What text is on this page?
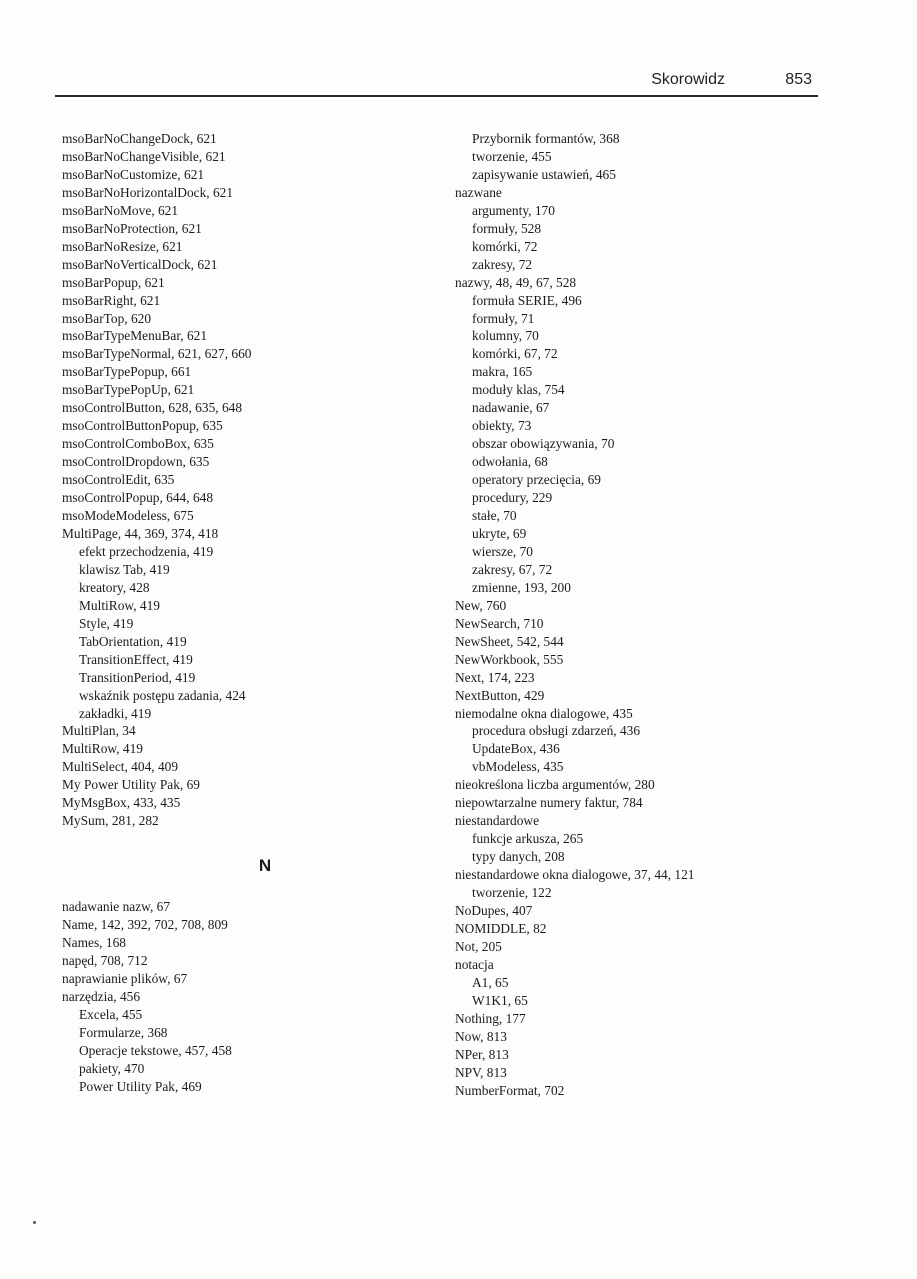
Skorowidz	853
msoBarNoChangeDock, 621
msoBarNoChangeVisible, 621
msoBarNoCustomize, 621
msoBarNoHorizontalDock, 621
msoBarNoMove, 621
msoBarNoProtection, 621
msoBarNoResize, 621
msoBarNoVerticalDock, 621
msoBarPopup, 621
msoBarRight, 621
msoBarTop, 620
msoBarTypeMenuBar, 621
msoBarTypeNormal, 621, 627, 660
msoBarTypePopup, 661
msoBarTypePopUp, 621
msoControlButton, 628, 635, 648
msoControlButtonPopup, 635
msoControlComboBox, 635
msoControlDropdown, 635
msoControlEdit, 635
msoControlPopup, 644, 648
msoModeModeless, 675
MultiPage, 44, 369, 374, 418
efekt przechodzenia, 419
klawisz Tab, 419
kreatory, 428
MultiRow, 419
Style, 419
TabOrientation, 419
TransitionEffect, 419
TransitionPeriod, 419
wskaźnik postępu zadania, 424
zakładki, 419
MultiPlan, 34
MultiRow, 419
MultiSelect, 404, 409
My Power Utility Pak, 69
MyMsgBox, 433, 435
MySum, 281, 282
N
nadawanie nazw, 67
Name, 142, 392, 702, 708, 809
Names, 168
napęd, 708, 712
naprawianie plików, 67
narzędzia, 456
Excela, 455
Formularze, 368
Operacje tekstowe, 457, 458
pakiety, 470
Power Utility Pak, 469
Przybornik formantów, 368
tworzenie, 455
zapisywanie ustawień, 465
nazwane
argumenty, 170
formuły, 528
komórki, 72
zakresy, 72
nazwy, 48, 49, 67, 528
formuła SERIE, 496
formuły, 71
kolumny, 70
komórki, 67, 72
makra, 165
moduły klas, 754
nadawanie, 67
obiekty, 73
obszar obowiązywania, 70
odwołania, 68
operatory przecięcia, 69
procedury, 229
stałe, 70
ukryte, 69
wiersze, 70
zakresy, 67, 72
zmienne, 193, 200
New, 760
NewSearch, 710
NewSheet, 542, 544
NewWorkbook, 555
Next, 174, 223
NextButton, 429
niemodalne okna dialogowe, 435
procedura obsługi zdarzeń, 436
UpdateBox, 436
vbModeless, 435
nieokreślona liczba argumentów, 280
niepowtarzalne numery faktur, 784
niestandardowe
funkcje arkusza, 265
typy danych, 208
niestandardowe okna dialogowe, 37, 44, 121
tworzenie, 122
NoDupes, 407
NOMIDDLE, 82
Not, 205
notacja
A1, 65
W1K1, 65
Nothing, 177
Now, 813
NPer, 813
NPV, 813
NumberFormat, 702
